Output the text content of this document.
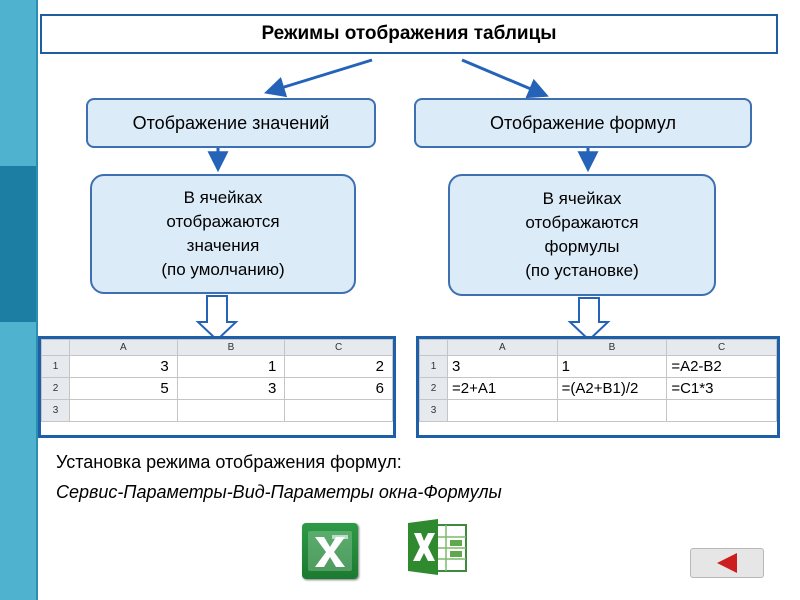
Режимы отображения таблицы
Отображение значений	Отображение формул
В ячейках
отображаются
значения
(по умолчанию)
В ячейках
отображаются
формулы
(по установке)
	A	B	C
1	3	1	2
2	5	3	6
3			
	A	B	C
1	3	1	=A2-B2
2	=2+A1	=(A2+B1)/2	=C1*3
3			
Установка режима отображения формул:
Сервис-Параметры-Вид-Параметры окна-Формулы
